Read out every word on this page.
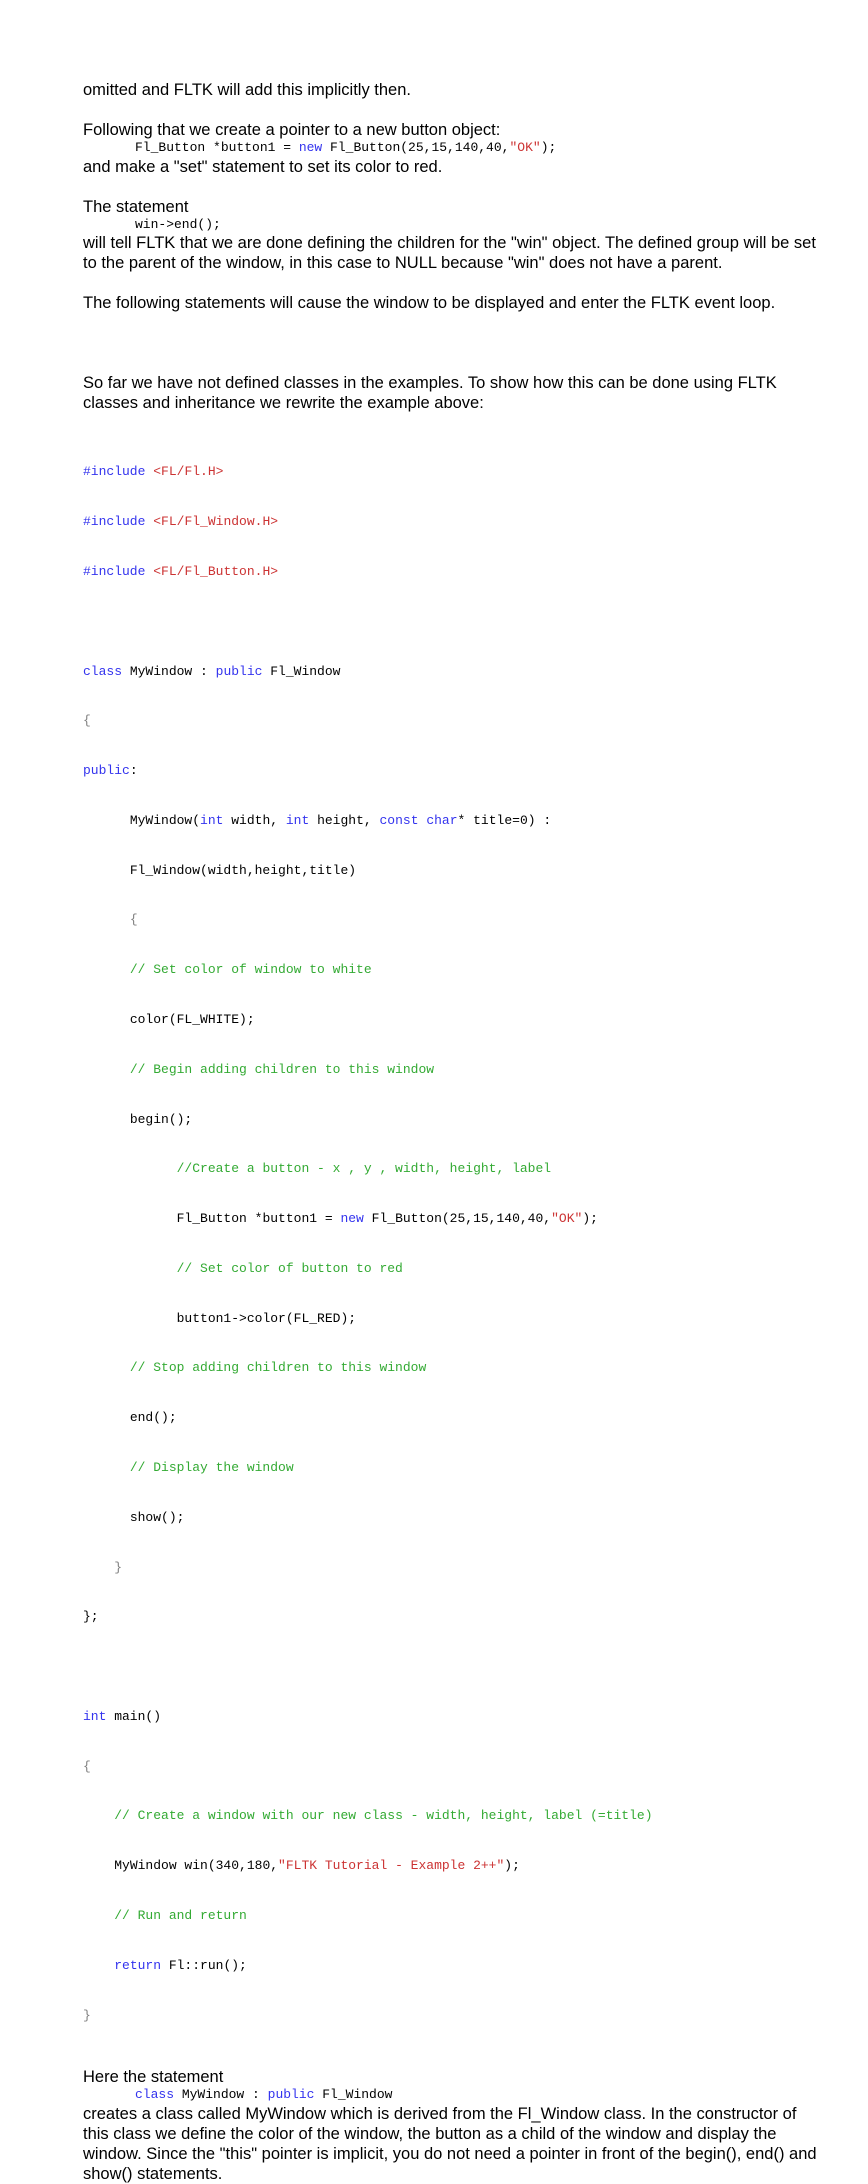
omitted and FLTK will add this implicitly then.

Following that we create a pointer to a new button object:

Fl_Button *button1 = new Fl_Button(25,15,140,40,"OK");

and make a "set" statement to set its color to red.

The statement

win->end();

will tell FLTK that we are done defining the children for the "win" object. The defined group will be set to the parent of the window, in this case to NULL because "win" does not have a parent.

The following statements will cause the window to be displayed and enter the FLTK event loop.

So far we have not defined classes in the examples. To show how this can be done using FLTK classes and inheritance we rewrite the example above:

#include <FL/Fl.H>

#include <FL/Fl_Window.H>

#include <FL/Fl_Button.H>

class MyWindow : public Fl_Window

{

public:

MyWindow(int width, int height, const char* title=0) :

Fl_Window(width,height,title)

{

// Set color of window to white

color(FL_WHITE);

// Begin adding children to this window

begin();

//Create a button - x , y , width, height, label

Fl_Button *button1 = new Fl_Button(25,15,140,40,"OK");

// Set color of button to red

button1->color(FL_RED);

// Stop adding children to this window

end();

// Display the window

show();

}

};

int main()

{

// Create a window with our new class - width, height, label (=title)

MyWindow win(340,180,"FLTK Tutorial - Example 2++");

// Run and return

return Fl::run();

}

Here the statement

class MyWindow : public Fl_Window

creates a class called MyWindow which is derived from the Fl_Window class. In the constructor of this class we define the color of the window, the button as a child of the window and display the window. Since the "this" pointer is implicit, you do not need a pointer in front of the begin(), end() and show() statements.
